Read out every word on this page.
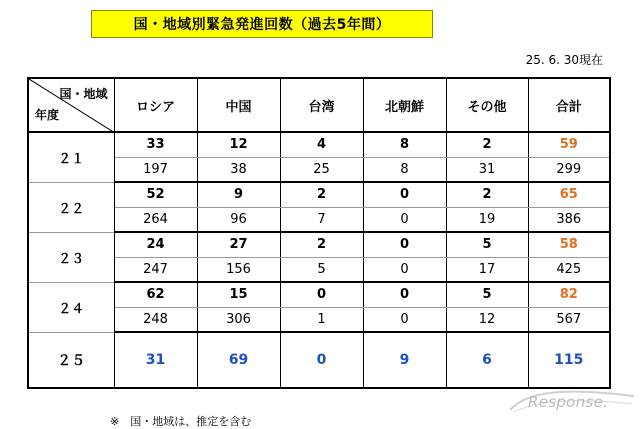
国・地域別緊急発進回数（過去5年間）
25. 6. 30現在
国・地域
年度	ロシア	中国	台湾	北朝鮮	その他	合計
２１	33	12	4	8	2	59
	197	38	25	8	31	299
２２	52	9	2	0	2	65
	264	96	7	0	19	386
２３	24	27	2	0	5	58
	247	156	5	0	17	425
２４	62	15	0	0	5	82
	248	306	1	0	12	567
２５	31	69	0	9	6	115
※　国・地域は、推定を含む
Response.
